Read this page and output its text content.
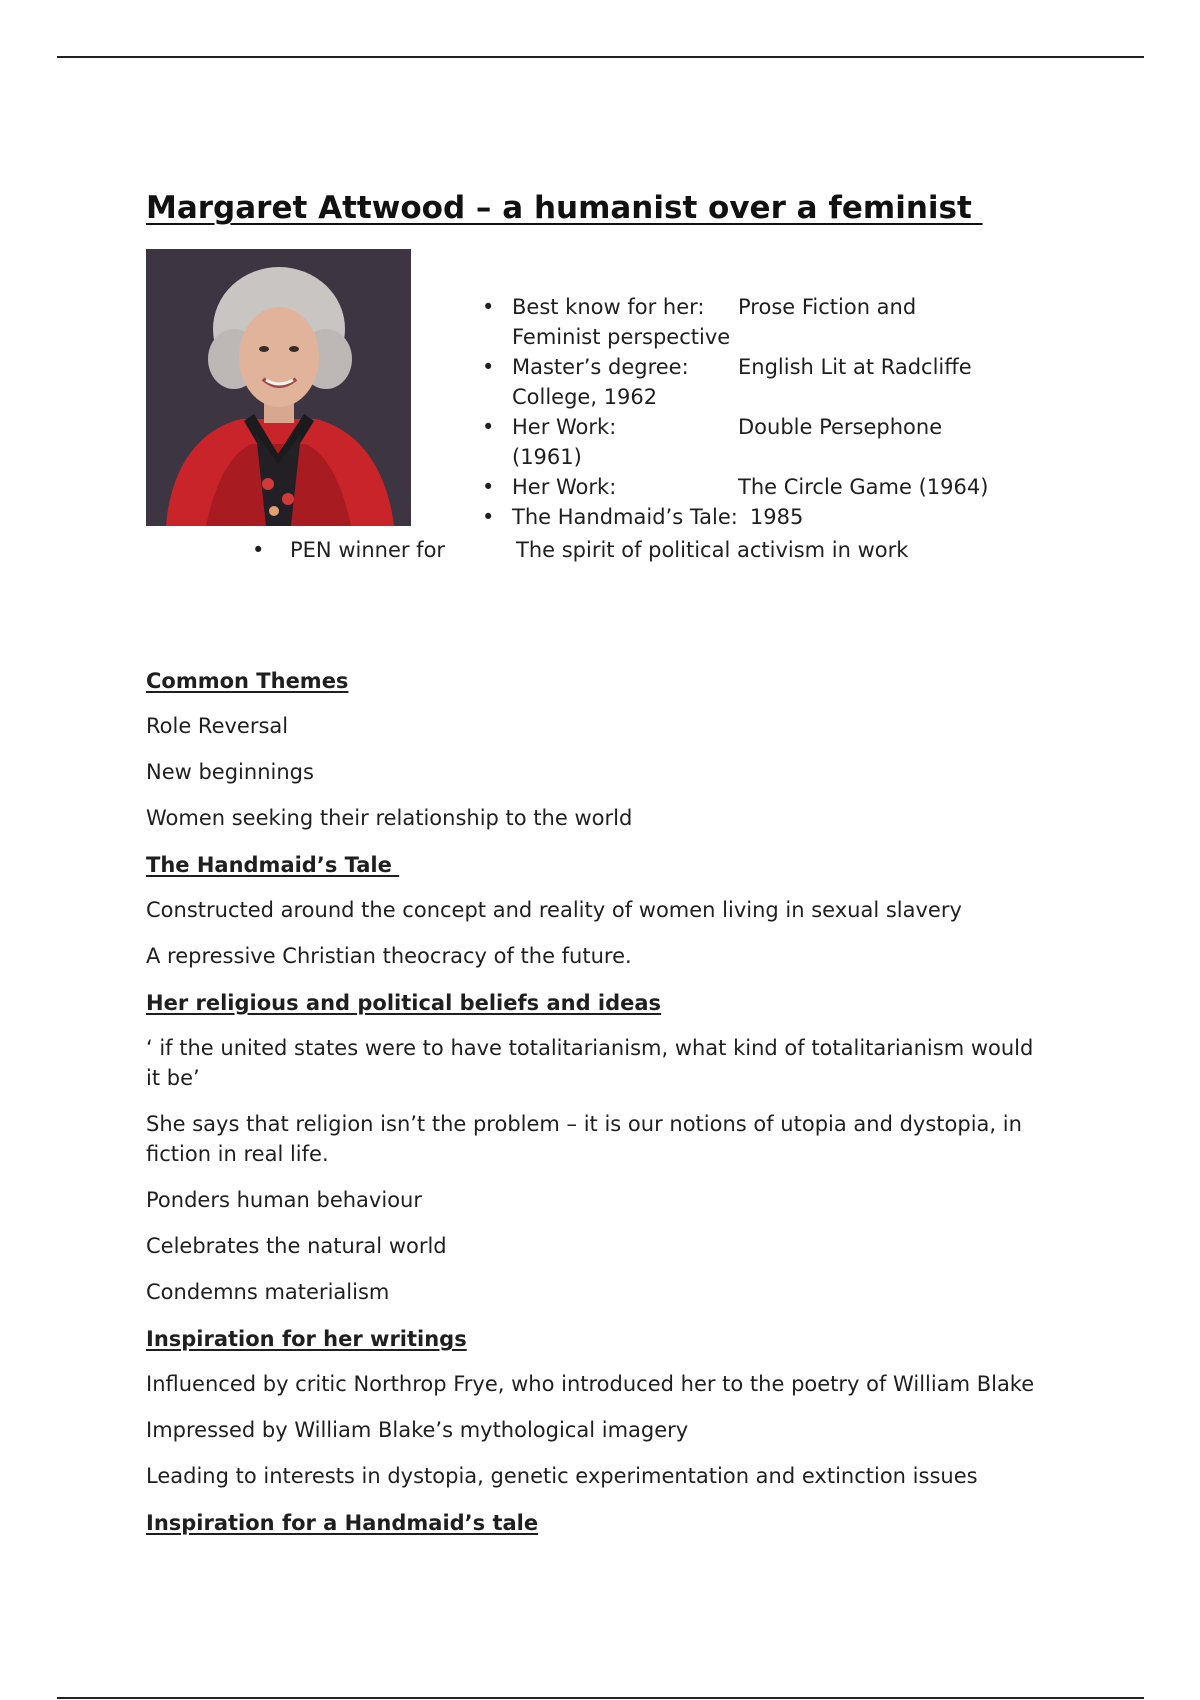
Margaret Attwood – a humanist over a feminist
• Best know for her:	Prose Fiction and
Feminist perspective
• Master’s degree:	English Lit at Radcliffe
College, 1962
• Her Work:	Double Persephone
(1961)
• Her Work:	The Circle Game (1964)
• The Handmaid’s Tale: 1985
• PEN winner for	The spirit of political activism in work
Common Themes
Role Reversal
New beginnings
Women seeking their relationship to the world
The Handmaid’s Tale
Constructed around the concept and reality of women living in sexual slavery
A repressive Christian theocracy of the future.
Her religious and political beliefs and ideas
‘ if the united states were to have totalitarianism, what kind of totalitarianism would it be’
She says that religion isn’t the problem – it is our notions of utopia and dystopia, in fiction in real life.
Ponders human behaviour
Celebrates the natural world
Condemns materialism
Inspiration for her writings
Influenced by critic Northrop Frye, who introduced her to the poetry of William Blake
Impressed by William Blake’s mythological imagery
Leading to interests in dystopia, genetic experimentation and extinction issues
Inspiration for a Handmaid’s tale
